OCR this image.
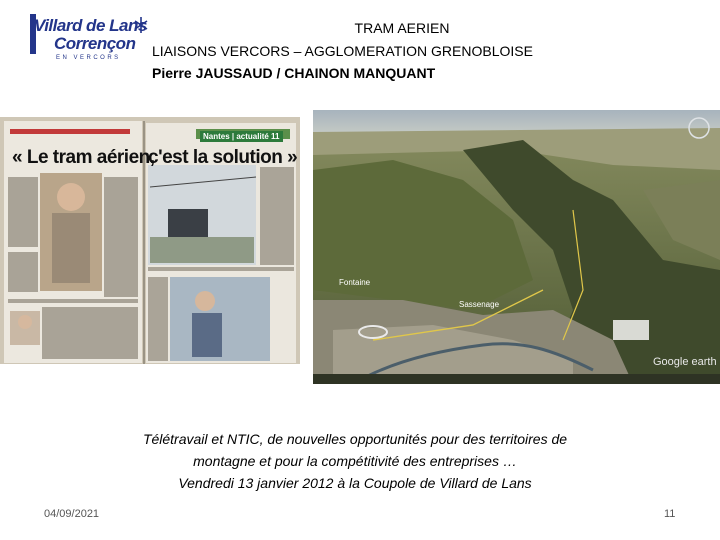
Villard de Lans
Corrençon
EN VERCORS
TRAM AERIEN
LIAISONS VERCORS – AGGLOMERATION GRENOBLOISE
Pierre JAUSSAUD / CHAINON MANQUANT
« Le tram aérien,
c'est la solution »
Nantes | actualité 11
Fontaine
Sassenage
Google earth
Télétravail et NTIC, de nouvelles opportunités pour des territoires de
montagne et pour la compétitivité des entreprises …
Vendredi 13 janvier 2012 à la Coupole de Villard de Lans
04/09/2021	11
